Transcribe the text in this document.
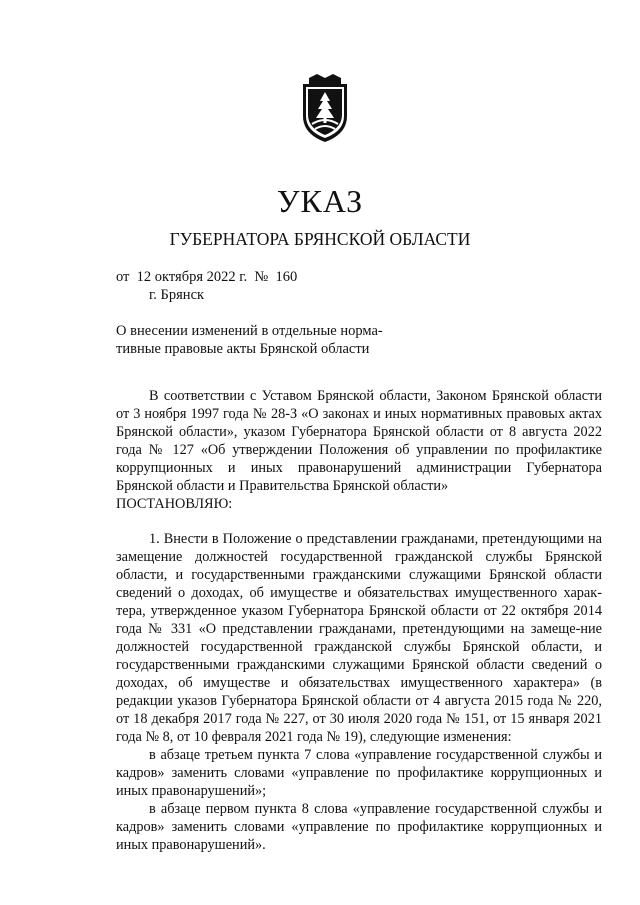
УКАЗ
ГУБЕРНАТОРА БРЯНСКОЙ ОБЛАСТИ
от  12 октября 2022 г.  №  160
г. Брянск
О внесении изменений в отдельные норма-тивные правовые акты Брянской области

В соответствии с Уставом Брянской области, Законом Брянской области от 3 ноября 1997 года № 28-З «О законах и иных нормативных правовых актах Брянской области», указом Губернатора Брянской области от 8 августа 2022 года № 127 «Об утверждении Положения об управлении по профилактике коррупционных и иных правонарушений администрации Губернатора Брянской области и Правительства Брянской области»

ПОСТАНОВЛЯЮ:

1. Внести в Положение о представлении гражданами, претендующими на замещение должностей государственной гражданской службы Брянской области, и государственными гражданскими служащими Брянской области сведений о доходах, об имуществе и обязательствах имущественного харак-тера, утвержденное указом Губернатора Брянской области от 22 октября 2014 года № 331 «О представлении гражданами, претендующими на замеще-ние должностей государственной гражданской службы Брянской области, и государственными гражданскими служащими Брянской области сведений о доходах, об имуществе и обязательствах имущественного характера» (в редакции указов Губернатора Брянской области от 4 августа 2015 года № 220, от 18 декабря 2017 года № 227, от 30 июля 2020 года № 151, от 15 января 2021 года № 8, от 10 февраля 2021 года № 19), следующие изменения:

в абзаце третьем пункта 7 слова «управление государственной службы и кадров» заменить словами «управление по профилактике коррупционных и иных правонарушений»;

в абзаце первом пункта 8 слова «управление государственной службы и кадров» заменить словами «управление по профилактике коррупционных и иных правонарушений».
